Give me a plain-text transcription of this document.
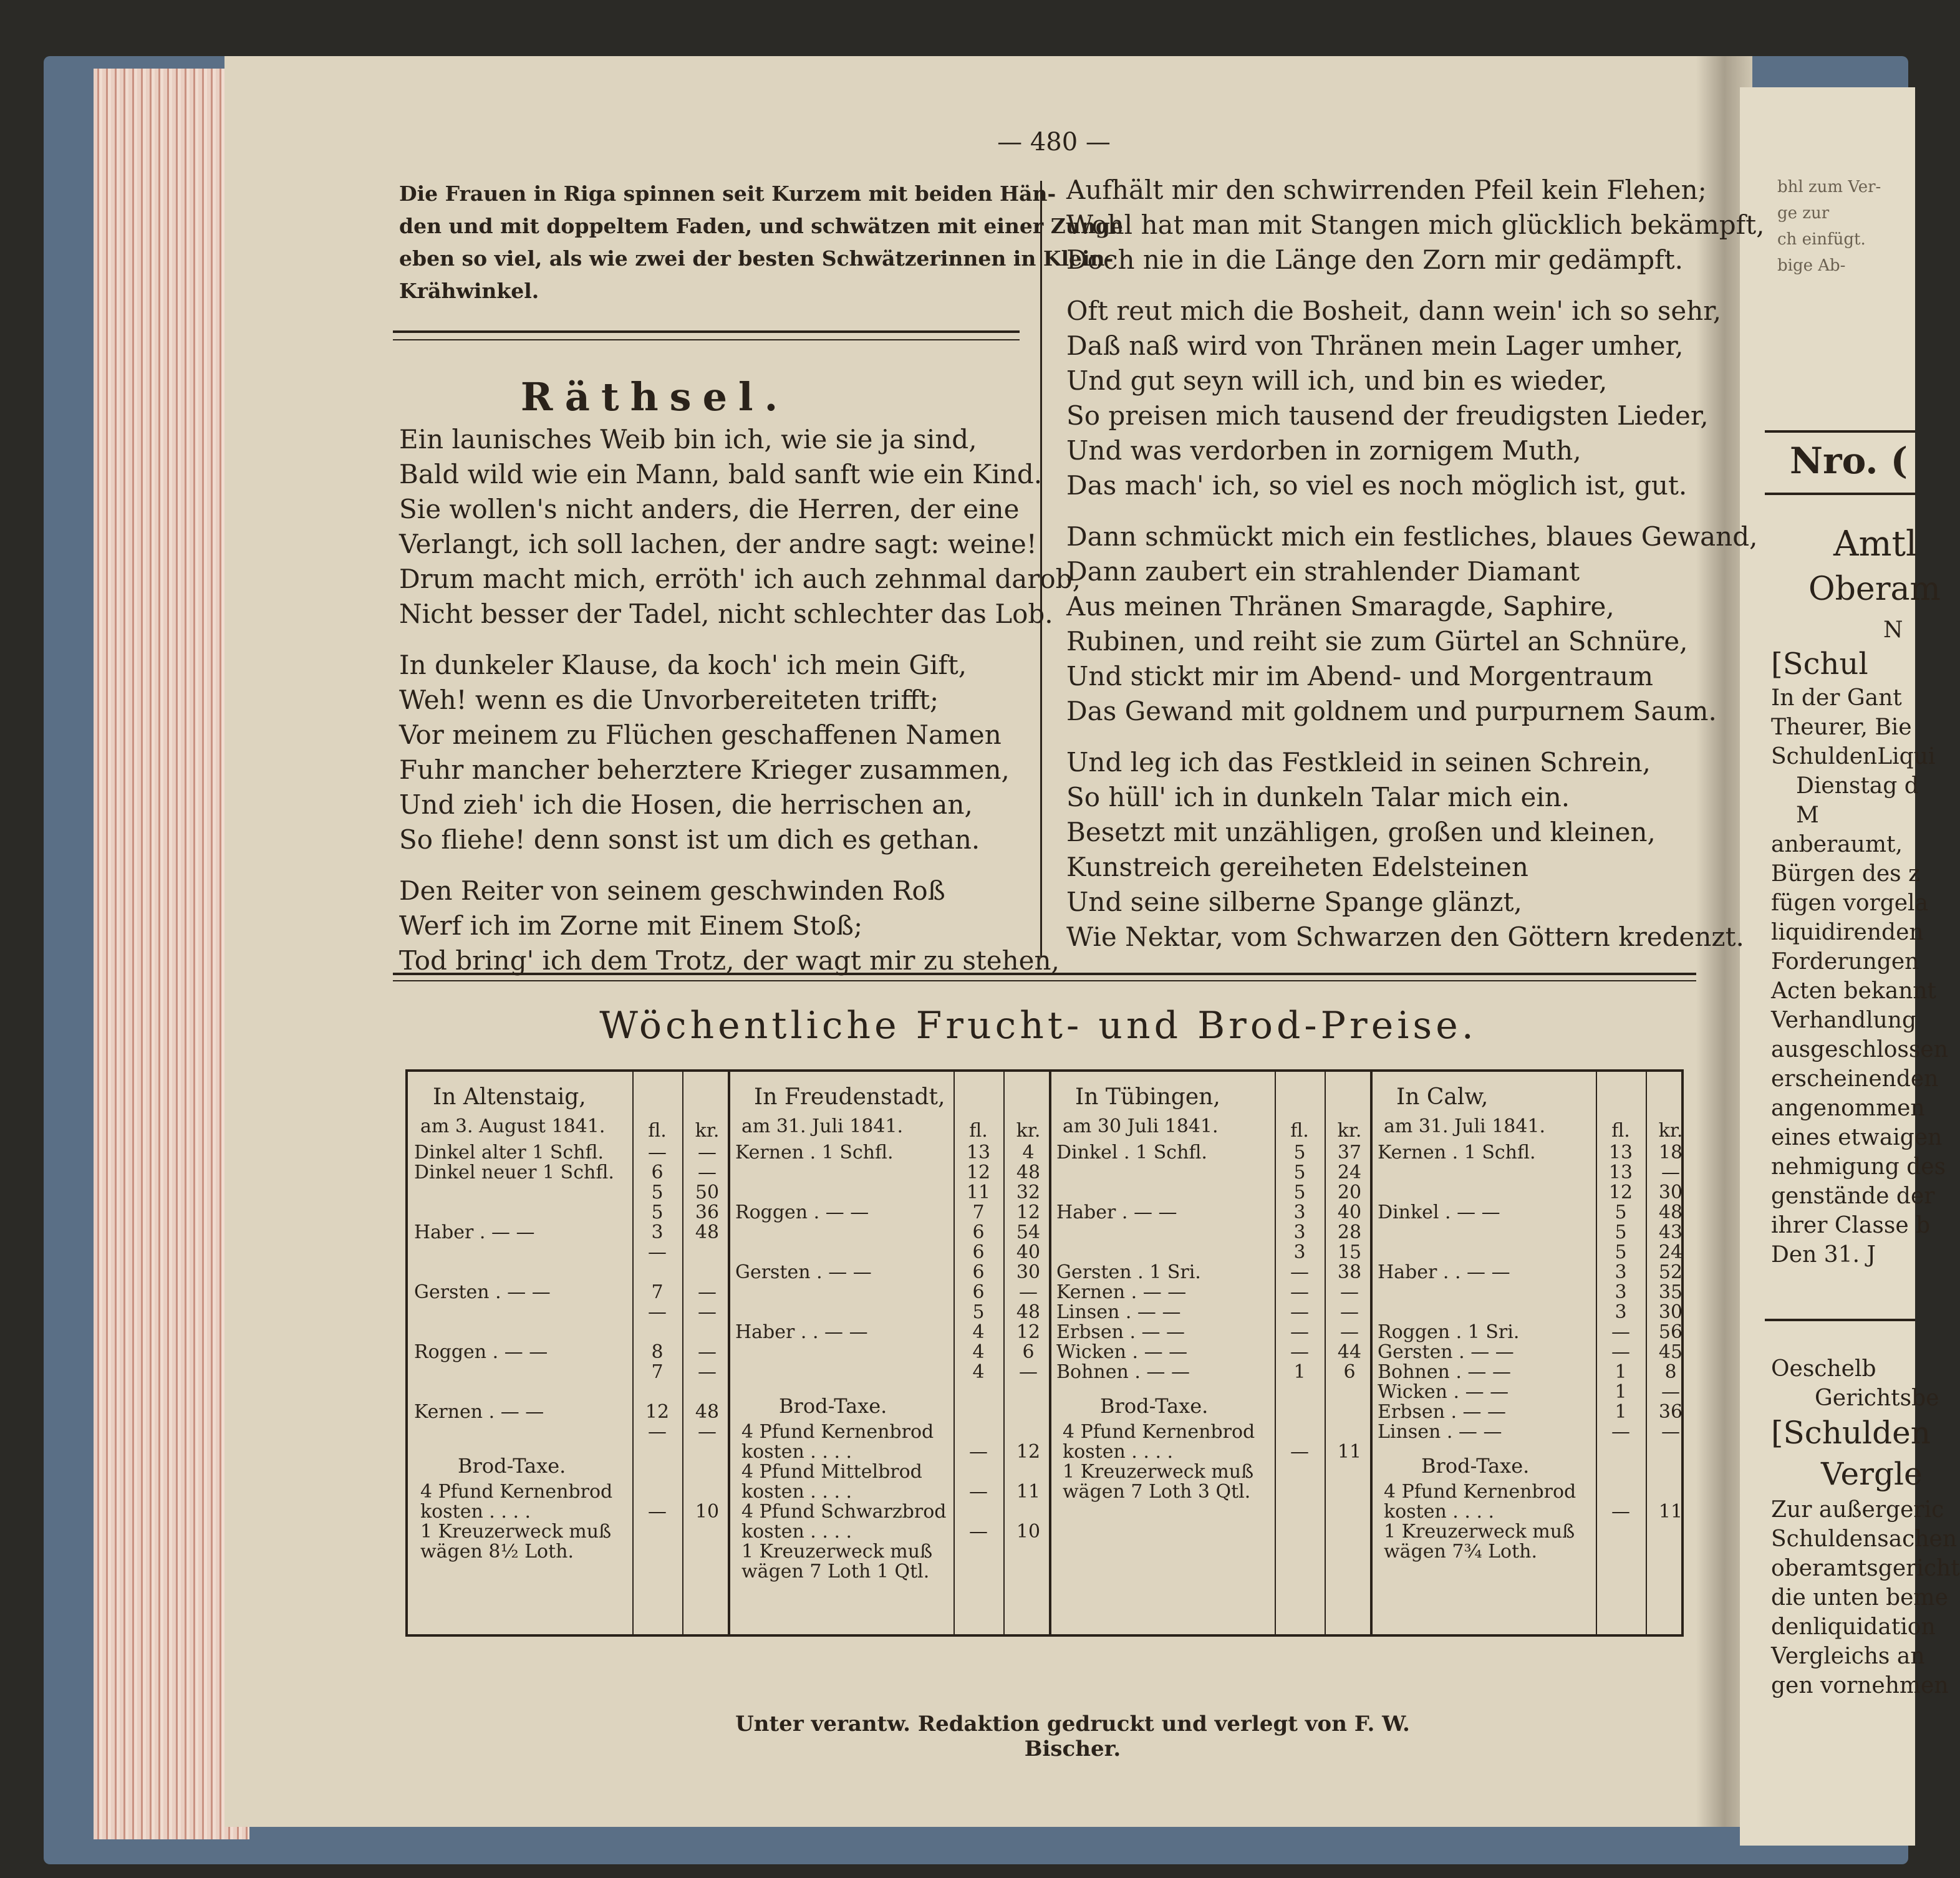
— 480 —
Räthsel.
Wöchentliche Frucht- und Brod-Preise.
In Altenstaig,
am 3. August 1841.	fl.	kr.
Dinkel alter 1 Schfl.	—	—
Dinkel neuer 1 Schfl.	6	—
5	50
5	36
Haber . — —	3	48
—
Gersten . — —	7	—
—	—
Roggen . — —	8	—
7	—
Kernen . — —	12	48
—	—
Brod-Taxe.
4 Pfund Kernenbrod
kosten . . . .	—	10
1 Kreuzerweck muß
wägen 8½ Loth.
In Freudenstadt,
am 31. Juli 1841.	fl.	kr.
Kernen . 1 Schfl.	13	4
12	48
11	32
Roggen . — —	7	12
6	54
6	40
Gersten . — —	6	30
6	—
5	48
Haber . . — —	4	12
4	6
4	—
Brod-Taxe.
4 Pfund Kernenbrod
kosten . . . .	—	12
4 Pfund Mittelbrod
kosten . . . .	—	11
4 Pfund Schwarzbrod
kosten . . . .	—	10
1 Kreuzerweck muß
wägen 7 Loth 1 Qtl.
In Tübingen,
am 30 Juli 1841.	fl.	kr.
Dinkel . 1 Schfl.	5	37
5	24
5	20
Haber . — —	3	40
3	28
3	15
Gersten . 1 Sri.	—	38
Kernen . — —	—	—
Linsen . — —	—	—
Erbsen . — —	—	—
Wicken . — —	—	44
Bohnen . — —	1	6
Brod-Taxe.
4 Pfund Kernenbrod
kosten . . . .	—	11
1 Kreuzerweck muß
wägen 7 Loth 3 Qtl.
In Calw,
am 31. Juli 1841.	fl.	kr.
Kernen . 1 Schfl.	13	18
13	—
12	30
Dinkel . — —	5	48
5	43
5	24
Haber . . — —	3	52
3	35
3	30
Roggen . 1 Sri.	—	56
Gersten . — —	—	45
Bohnen . — —	1	8
Wicken . — —	1	—
Erbsen . — —	1	36
Linsen . — —	—	—
Brod-Taxe.
4 Pfund Kernenbrod
kosten . . . .	—	11
1 Kreuzerweck muß
wägen 7¾ Loth.
Unter verantw. Redaktion gedruckt und verlegt von F. W. Bischer.
Die Frauen in Riga spinnen seit Kurzem mit beiden Hän-
den und mit doppeltem Faden, und schwätzen mit einer Zunge
eben so viel, als wie zwei der besten Schwätzerinnen in Klein-
Krähwinkel.
Ein launisches Weib bin ich, wie sie ja sind,
Bald wild wie ein Mann, bald sanft wie ein Kind.
Sie wollen's nicht anders, die Herren, der eine
Verlangt, ich soll lachen, der andre sagt: weine!
Drum macht mich, erröth' ich auch zehnmal darob,
Nicht besser der Tadel, nicht schlechter das Lob.
In dunkeler Klause, da koch' ich mein Gift,
Weh! wenn es die Unvorbereiteten trifft;
Vor meinem zu Flüchen geschaffenen Namen
Fuhr mancher beherztere Krieger zusammen,
Und zieh' ich die Hosen, die herrischen an,
So fliehe! denn sonst ist um dich es gethan.
Den Reiter von seinem geschwinden Roß
Werf ich im Zorne mit Einem Stoß;
Tod bring' ich dem Trotz, der wagt mir zu stehen,
Aufhält mir den schwirrenden Pfeil kein Flehen;
Wohl hat man mit Stangen mich glücklich bekämpft,
Doch nie in die Länge den Zorn mir gedämpft.
Oft reut mich die Bosheit, dann wein' ich so sehr,
Daß naß wird von Thränen mein Lager umher,
Und gut seyn will ich, und bin es wieder,
So preisen mich tausend der freudigsten Lieder,
Und was verdorben in zornigem Muth,
Das mach' ich, so viel es noch möglich ist, gut.
Dann schmückt mich ein festliches, blaues Gewand,
Dann zaubert ein strahlender Diamant
Aus meinen Thränen Smaragde, Saphire,
Rubinen, und reiht sie zum Gürtel an Schnüre,
Und stickt mir im Abend- und Morgentraum
Das Gewand mit goldnem und purpurnem Saum.
Und leg ich das Festkleid in seinen Schrein,
So hüll' ich in dunkeln Talar mich ein.
Besetzt mit unzähligen, großen und kleinen,
Kunstreich gereiheten Edelsteinen
Und seine silberne Spange glänzt,
Wie Nektar, vom Schwarzen den Göttern kredenzt.
bhl zum Ver-
ge zur
ch einfügt.
bige Ab-
Nro. (
Amtl
Oberam
N
[Schul
In der Gant
Theurer, Bie
SchuldenLiqui
Dienstag d
M
anberaumt,
Bürgen des z
fügen vorgela
liquidirenden
Forderungen
Acten bekannt
Verhandlung
ausgeschlossen
erscheinenden
angenommen
eines etwaigen
nehmigung des
genstände der
ihrer Classe b
Den 31. J
Oeschelb
Gerichtsbe
[Schulden
Vergle
Zur außergeric
Schuldensachen
oberamtsgericht
die unten beme
denliquidation
Vergleichs an
gen vornehmen
